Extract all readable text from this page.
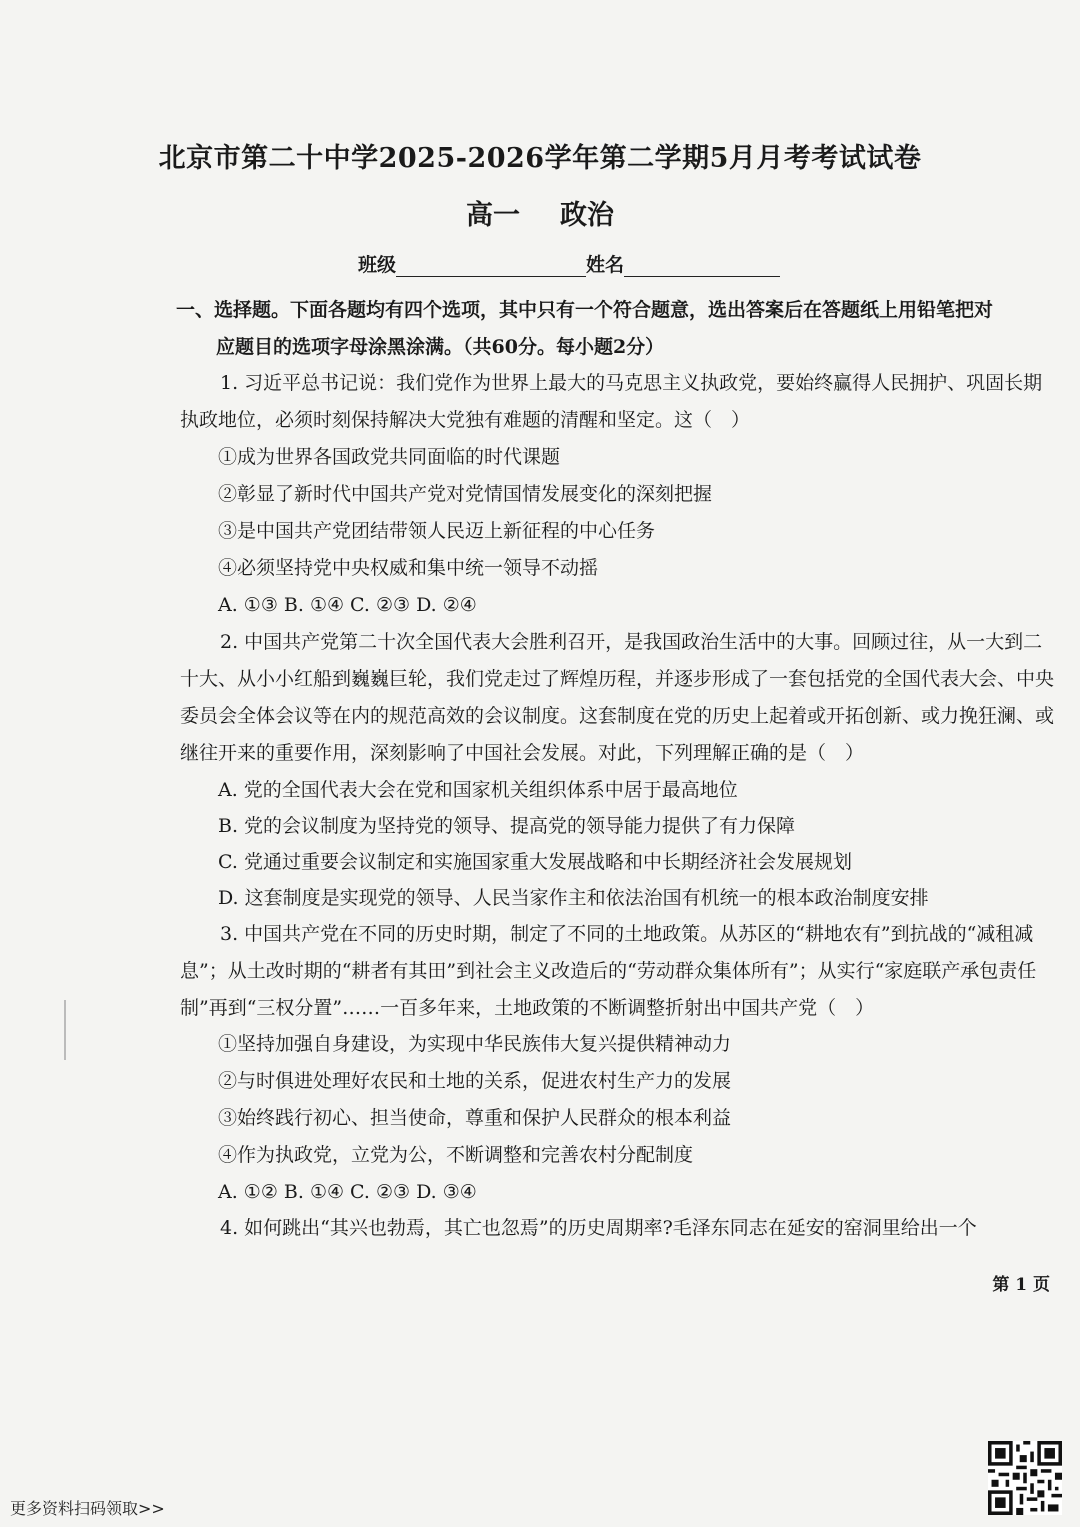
北京市第二十中学2025-2026学年第二学期5月月考考试试卷
高一 政治
班级	姓名
一、选择题。下面各题均有四个选项，其中只有一个符合题意，选出答案后在答题纸上用铅笔把对
应题目的选项字母涂黑涂满。（共60分。每小题2分）
1. 习近平总书记说：我们党作为世界上最大的马克思主义执政党，要始终赢得人民拥护、巩固长期执政地位，必须时刻保持解决大党独有难题的清醒和坚定。这（　）
①成为世界各国政党共同面临的时代课题
②彰显了新时代中国共产党对党情国情发展变化的深刻把握
③是中国共产党团结带领人民迈上新征程的中心任务
④必须坚持党中央权威和集中统一领导不动摇
A. ①③ B. ①④ C. ②③ D. ②④
2. 中国共产党第二十次全国代表大会胜利召开，是我国政治生活中的大事。回顾过往，从一大到二十大、从小小红船到巍巍巨轮，我们党走过了辉煌历程，并逐步形成了一套包括党的全国代表大会、中央委员会全体会议等在内的规范高效的会议制度。这套制度在党的历史上起着或开拓创新、或力挽狂澜、或继往开来的重要作用，深刻影响了中国社会发展。对此，下列理解正确的是（　）
A. 党的全国代表大会在党和国家机关组织体系中居于最高地位
B. 党的会议制度为坚持党的领导、提高党的领导能力提供了有力保障
C. 党通过重要会议制定和实施国家重大发展战略和中长期经济社会发展规划
D. 这套制度是实现党的领导、人民当家作主和依法治国有机统一的根本政治制度安排
3. 中国共产党在不同的历史时期，制定了不同的土地政策。从苏区的“耕地农有”到抗战的“减租减息”；从土改时期的“耕者有其田”到社会主义改造后的“劳动群众集体所有”；从实行“家庭联产承包责任制”再到“三权分置”……一百多年来，土地政策的不断调整折射出中国共产党（　）
①坚持加强自身建设，为实现中华民族伟大复兴提供精神动力
②与时俱进处理好农民和土地的关系，促进农村生产力的发展
③始终践行初心、担当使命，尊重和保护人民群众的根本利益
④作为执政党，立党为公，不断调整和完善农村分配制度
A. ①② B. ①④ C. ②③ D. ③④
4. 如何跳出“其兴也勃焉，其亡也忽焉”的历史周期率?毛泽东同志在延安的窑洞里给出一个
第 1 页
更多资料扫码领取>>
